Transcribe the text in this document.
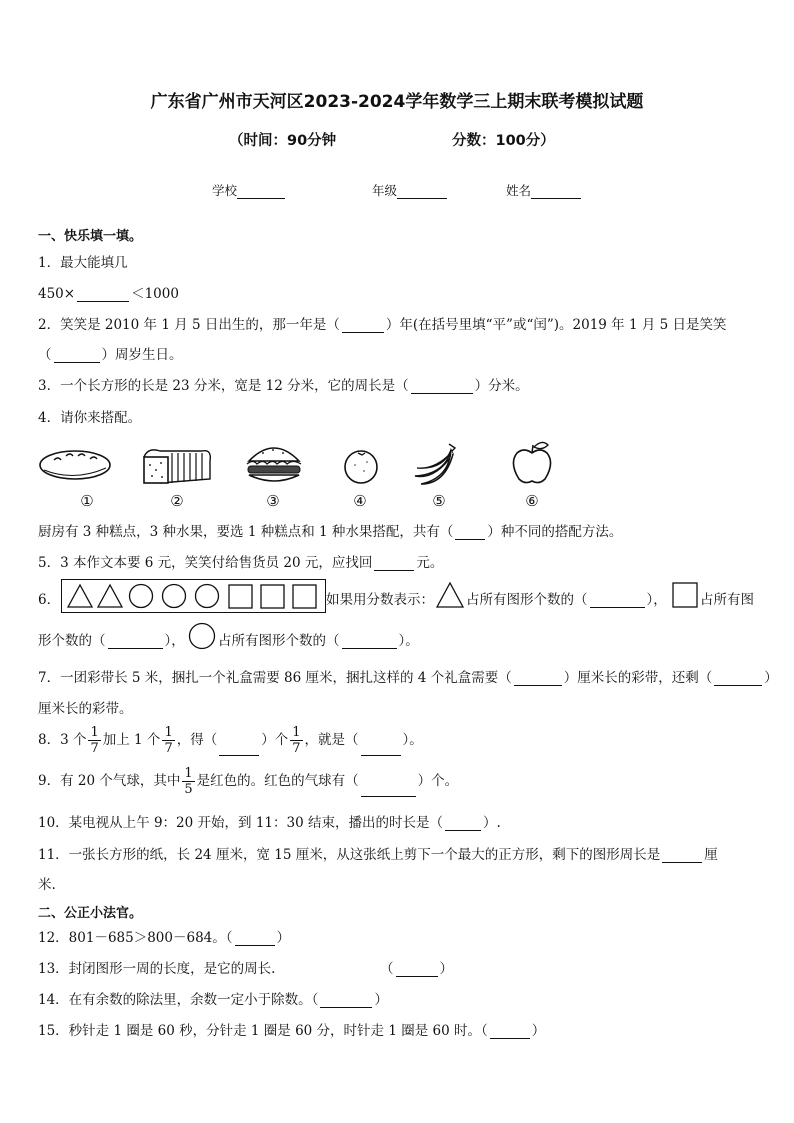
广东省广州市天河区2023-2024学年数学三上期末联考模拟试题
（时间：90分钟	分数：100分）
学校	年级	姓名
一、快乐填一填。
1．最大能填几
450×	＜1000
2．笑笑是 2010 年 1 月 5 日出生的，那一年是（	）年(在括号里填“平”或“闰”)。2019 年 1 月 5 日是笑笑
（	）周岁生日。
3．一个长方形的长是 23 分米，宽是 12 分米，它的周长是（	）分米。
4．请你来搭配。
①	②	③	④	⑤	⑥
厨房有 3 种糕点，3 种水果，要选 1 种糕点和 1 种水果搭配，共有（	）种不同的搭配方法。
5．3 本作文本要 6 元，笑笑付给售货员 20 元，应找回	元。
6．	如果用分数表示： 占所有图形个数的（	）， 占所有图
形个数的（	）， 占所有图形个数的（	）。
7．一团彩带长 5 米，捆扎一个礼盒需要 86 厘米，捆扎这样的 4 个礼盒需要（	）厘米长的彩带，还剩（	）
厘米长的彩带。
8．3 个 $\frac{1}{7}$ 加上 1 个 $\frac{1}{7}$ ，得（	）个 $\frac{1}{7}$ ，就是（	）。
9．有 20 个气球，其中 $\frac{1}{5}$ 是红色的。红色的气球有（	）个。
10．某电视从上午 9：20 开始，到 11：30 结束，播出的时长是（	）.
11．一张长方形的纸，长 24 厘米，宽 15 厘米，从这张纸上剪下一个最大的正方形，剩下的图形周长是	厘
米.
二、公正小法官。
12．801－685＞800－684。（	）
13．封闭图形一周的长度，是它的周长.	（	）
14．在有余数的除法里，余数一定小于除数。（	）
15．秒针走 1 圈是 60 秒，分针走 1 圈是 60 分，时针走 1 圈是 60 时。（	）
